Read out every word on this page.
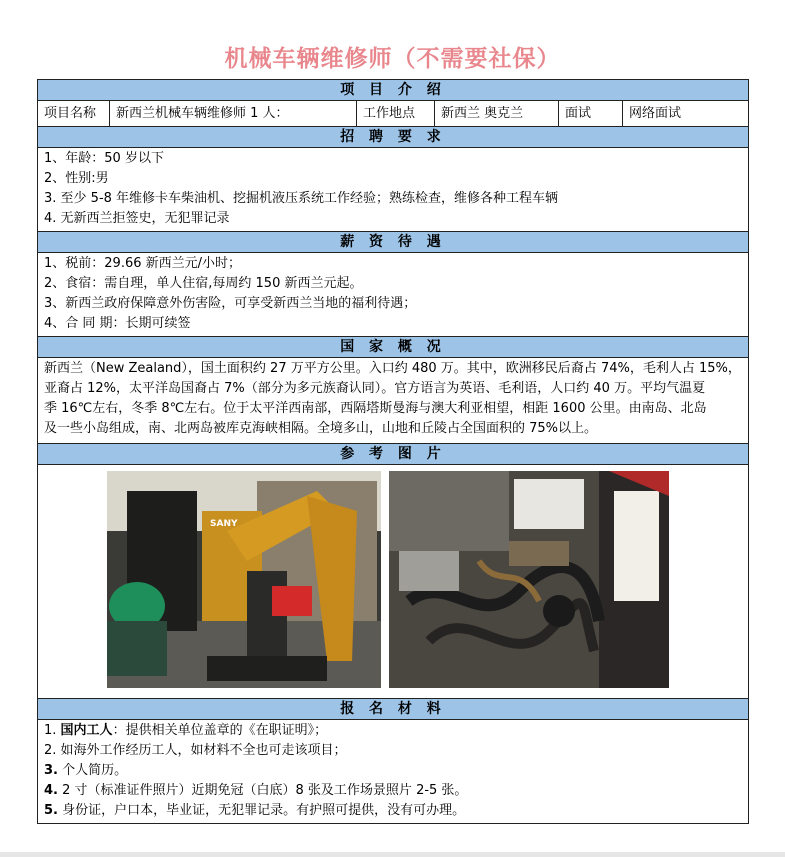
机械车辆维修师（不需要社保）
项 目 介 绍
项目名称	新西兰机械车辆维修师 1 人：	工作地点	新西兰 奥克兰	面试	网络面试
招 聘 要 求
1、年龄：50 岁以下
2、性别:男
3. 至少 5-8 年维修卡车柴油机、挖掘机液压系统工作经验；熟练检查，维修各种工程车辆
4. 无新西兰拒签史，无犯罪记录
薪 资 待 遇
1、税前：29.66 新西兰元/小时；
2、食宿：需自理，单人住宿,每周约 150 新西兰元起。
3、新西兰政府保障意外伤害险，可享受新西兰当地的福利待遇；
4、合 同 期：长期可续签
国 家 概 况
新西兰（New Zealand），国土面积约 27 万平方公里。入口约 480 万。其中，欧洲移民后裔占 74%，毛利人占 15%，
亚裔占 12%，太平洋岛国裔占 7%（部分为多元族裔认同）。官方语言为英语、毛利语，人口约 40 万。平均气温夏
季 16℃左右，冬季 8℃左右。位于太平洋西南部，西隔塔斯曼海与澳大利亚相望，相距 1600 公里。由南岛、北岛
及一些小岛组成，南、北两岛被库克海峡相隔。全境多山，山地和丘陵占全国面积的 75%以上。
参 考 图 片
SANY
报 名 材 料
1. 国内工人：提供相关单位盖章的《在职证明》；
2. 如海外工作经历工人，如材料不全也可走该项目；
3. 个人简历。
4. 2 寸（标准证件照片）近期免冠（白底）8 张及工作场景照片 2-5 张。
5. 身份证，户口本，毕业证，无犯罪记录。有护照可提供，没有可办理。
